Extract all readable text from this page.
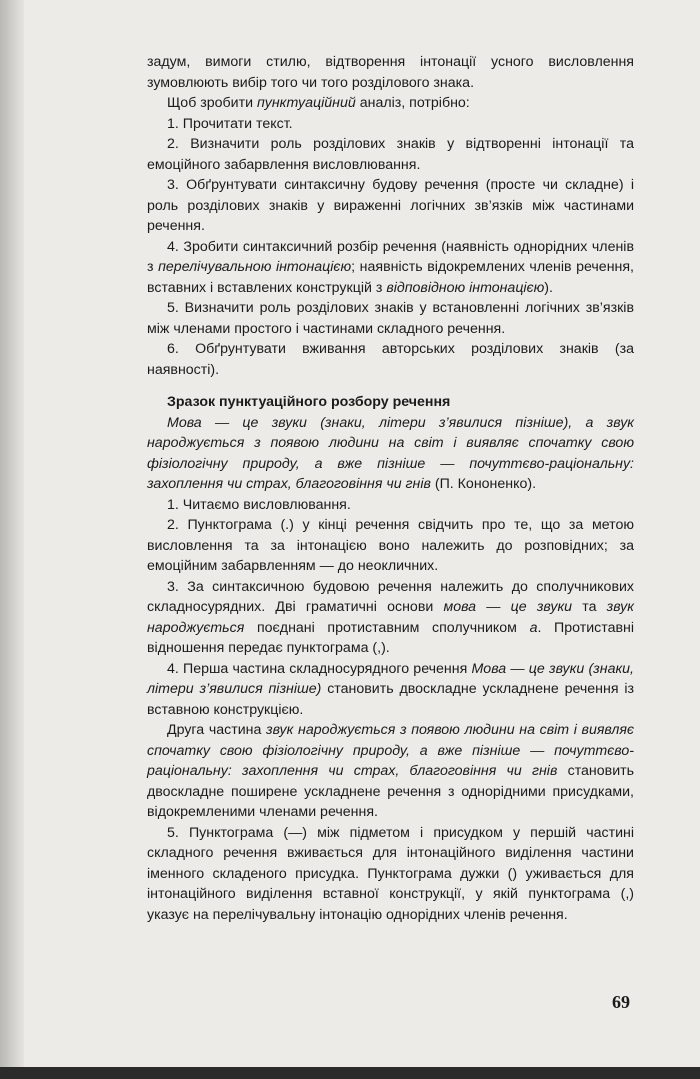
задум, вимоги стилю, відтворення інтонації усного висловлення зумовлюють вибір того чи того розділового знака.

Щоб зробити пунктуаційний аналіз, потрібно:

1. Прочитати текст.

2. Визначити роль розділових знаків у відтворенні інтонації та емоційного забарвлення висловлювання.

3. Обґрунтувати синтаксичну будову речення (просте чи складне) і роль розділових знаків у вираженні логічних зв’язків між частинами речення.

4. Зробити синтаксичний розбір речення (наявність однорідних членів з перелічувальною інтонацією; наявність відокремлених членів речення, вставних і вставлених конструкцій з відповідною інтонацією).

5. Визначити роль розділових знаків у встановленні логічних зв’язків між членами простого і частинами складного речення.

6. Обґрунтувати вживання авторських розділових знаків (за наявності).

Зразок пунктуаційного розбору речення

Мова — це звуки (знаки, літери з’явилися пізніше), а звук народжується з появою людини на світ і виявляє спочатку свою фізіологічну природу, а вже пізніше — почуттєво-раціональну: захоплення чи страх, благоговіння чи гнів (П. Кононенко).

1. Читаємо висловлювання.

2. Пунктограма (.) у кінці речення свідчить про те, що за метою висловлення та за інтонацією воно належить до розповідних; за емоційним забарвленням — до неокличних.

3. За синтаксичною будовою речення належить до сполучникових складносурядних. Дві граматичні основи мова — це звуки та звук народжується поєднані протиставним сполучником а. Протиставні відношення передає пунктограма (,).

4. Перша частина складносурядного речення Мова — це звуки (знаки, літери з’явилися пізніше) становить двоскладне ускладнене речення із вставною конструкцією.

Друга частина звук народжується з появою людини на світ і виявляє спочатку свою фізіологічну природу, а вже пізніше — почуттєво-раціональну: захоплення чи страх, благоговіння чи гнів становить двоскладне поширене ускладнене речення з однорідними присудками, відокремленими членами речення.

5. Пунктограма (—) між підметом і присудком у першій частині складного речення вживається для інтонаційного виділення частини іменного складеного присудка. Пунктограма дужки () уживається для інтонаційного виділення вставної конструкції, у якій пунктограма (,) указує на перелічувальну інтонацію однорідних членів речення.

69
